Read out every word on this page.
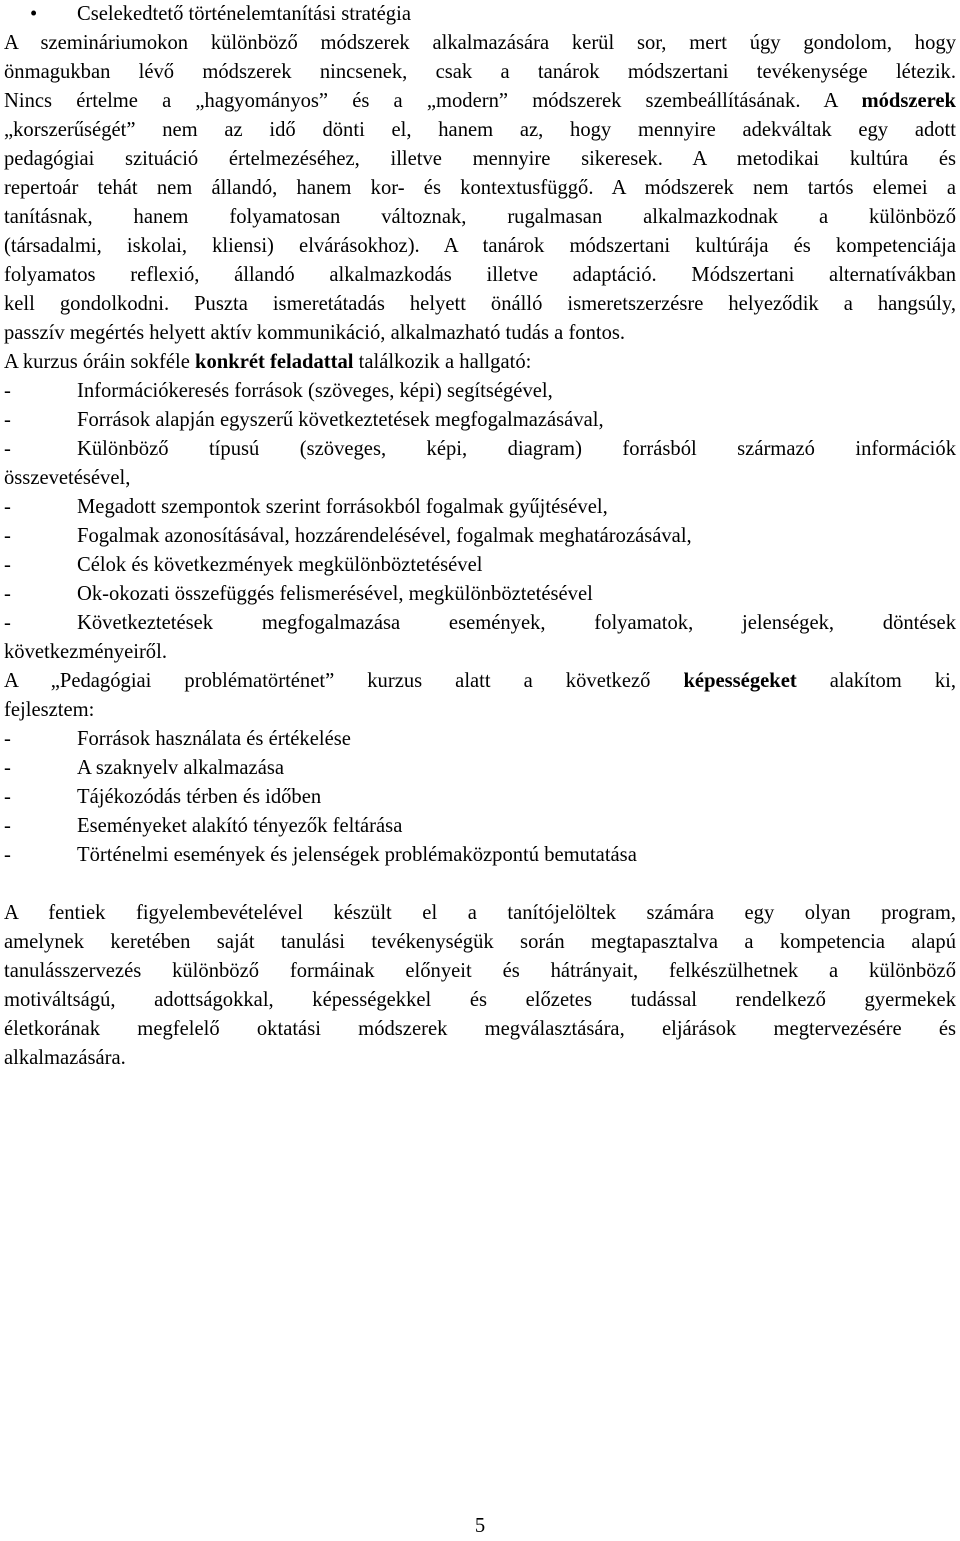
• Cselekedtető történelemtanítási stratégia
A szemináriumokon különböző módszerek alkalmazására kerül sor, mert úgy gondolom, hogy
önmagukban lévő módszerek nincsenek, csak a tanárok módszertani tevékenysége létezik.
Nincs értelme a „hagyományos” és a „modern” módszerek szembeállításának. A módszerek
„korszerűségét” nem az idő dönti el, hanem az, hogy mennyire adekváltak egy adott
pedagógiai szituáció értelmezéséhez, illetve mennyire sikeresek. A metodikai kultúra és
repertoár tehát nem állandó, hanem kor- és kontextusfüggő. A módszerek nem tartós elemei a
tanításnak, hanem folyamatosan változnak, rugalmasan alkalmazkodnak a különböző
(társadalmi, iskolai, kliensi) elvárásokhoz). A tanárok módszertani kultúrája és kompetenciája
folyamatos reflexió, állandó alkalmazkodás illetve adaptáció. Módszertani alternatívákban
kell gondolkodni. Puszta ismeretátadás helyett önálló ismeretszerzésre helyeződik a hangsúly,
passzív megértés helyett aktív kommunikáció, alkalmazható tudás a fontos.
A kurzus óráin sokféle konkrét feladattal találkozik a hallgató:
-	Információkeresés források (szöveges, képi) segítségével,
-	Források alapján egyszerű következtetések megfogalmazásával,
-	Különböző típusú (szöveges, képi, diagram) forrásból származó információk
összevetésével,
-	Megadott szempontok szerint forrásokból fogalmak gyűjtésével,
-	Fogalmak azonosításával, hozzárendelésével, fogalmak meghatározásával,
-	Célok és következmények megkülönböztetésével
-	Ok-okozati összefüggés felismerésével, megkülönböztetésével
-	Következtetések megfogalmazása események, folyamatok, jelenségek, döntések
következményeiről.
A „Pedagógiai problématörténet” kurzus alatt a következő képességeket alakítom ki,
fejlesztem:
-	Források használata és értékelése
-	A szaknyelv alkalmazása
-	Tájékozódás térben és időben
-	Eseményeket alakító tényezők feltárása
-	Történelmi események és jelenségek problémaközpontú bemutatása
A fentiek figyelembevételével készült el a tanítójelöltek számára egy olyan program,
amelynek keretében saját tanulási tevékenységük során megtapasztalva a kompetencia alapú
tanulásszervezés különböző formáinak előnyeit és hátrányait, felkészülhetnek a különböző
motiváltságú, adottságokkal, képességekkel és előzetes tudással rendelkező gyermekek
életkorának megfelelő oktatási módszerek megválasztására, eljárások megtervezésére és
alkalmazására.
5
